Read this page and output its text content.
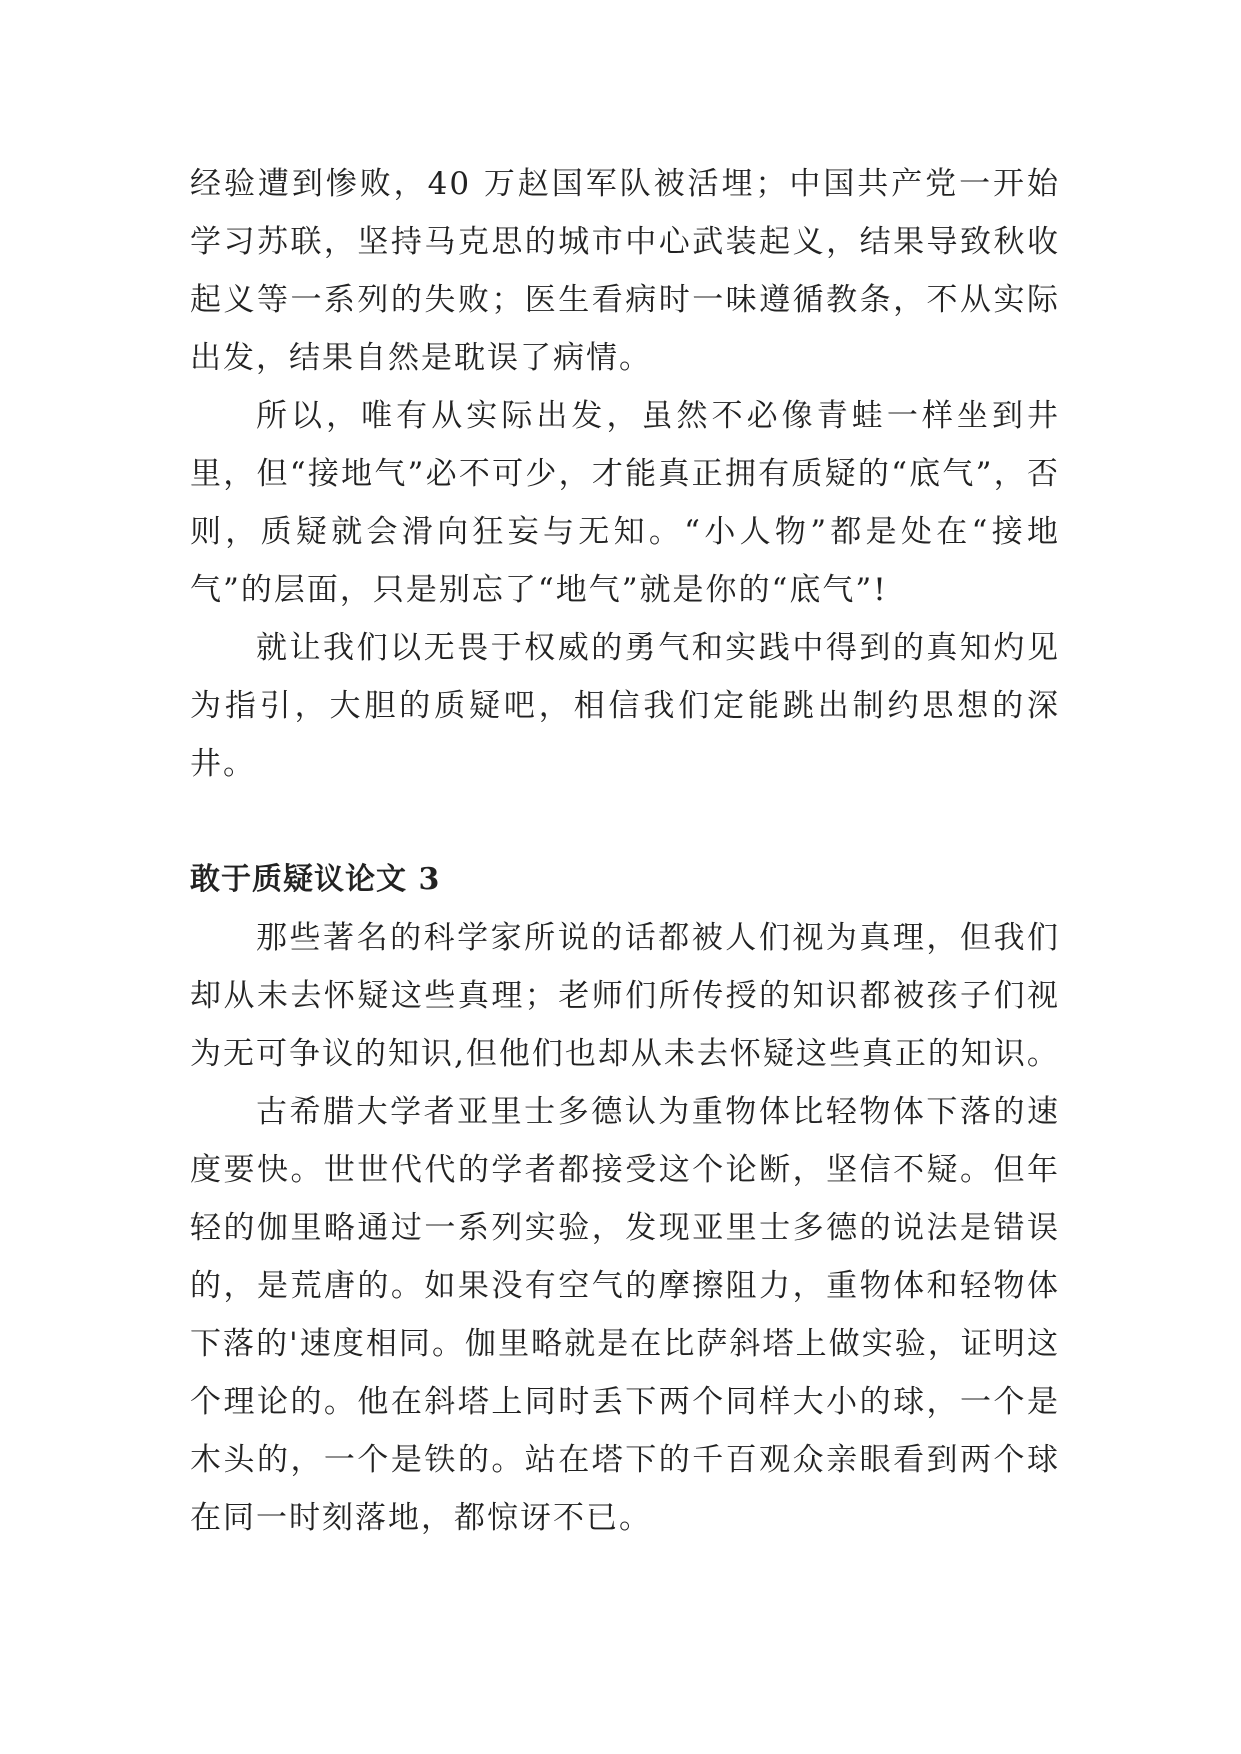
经验遭到惨败，40 万赵国军队被活埋；中国共产党一开始学习苏联，坚持马克思的城市中心武装起义，结果导致秋收起义等一系列的失败；医生看病时一味遵循教条，不从实际出发，结果自然是耽误了病情。

所以，唯有从实际出发，虽然不必像青蛙一样坐到井里，但“接地气”必不可少，才能真正拥有质疑的“底气”，否则，质疑就会滑向狂妄与无知。“小人物”都是处在“接地气”的层面，只是别忘了“地气”就是你的“底气”!

就让我们以无畏于权威的勇气和实践中得到的真知灼见为指引，大胆的质疑吧，相信我们定能跳出制约思想的深井。

敢于质疑议论文 3

那些著名的科学家所说的话都被人们视为真理，但我们却从未去怀疑这些真理；老师们所传授的知识都被孩子们视为无可争议的知识,但他们也却从未去怀疑这些真正的知识。

古希腊大学者亚里士多德认为重物体比轻物体下落的速度要快。世世代代的学者都接受这个论断，坚信不疑。但年轻的伽里略通过一系列实验，发现亚里士多德的说法是错误的，是荒唐的。如果没有空气的摩擦阻力，重物体和轻物体下落的'速度相同。伽里略就是在比萨斜塔上做实验，证明这个理论的。他在斜塔上同时丢下两个同样大小的球，一个是木头的，一个是铁的。站在塔下的千百观众亲眼看到两个球在同一时刻落地，都惊讶不已。
